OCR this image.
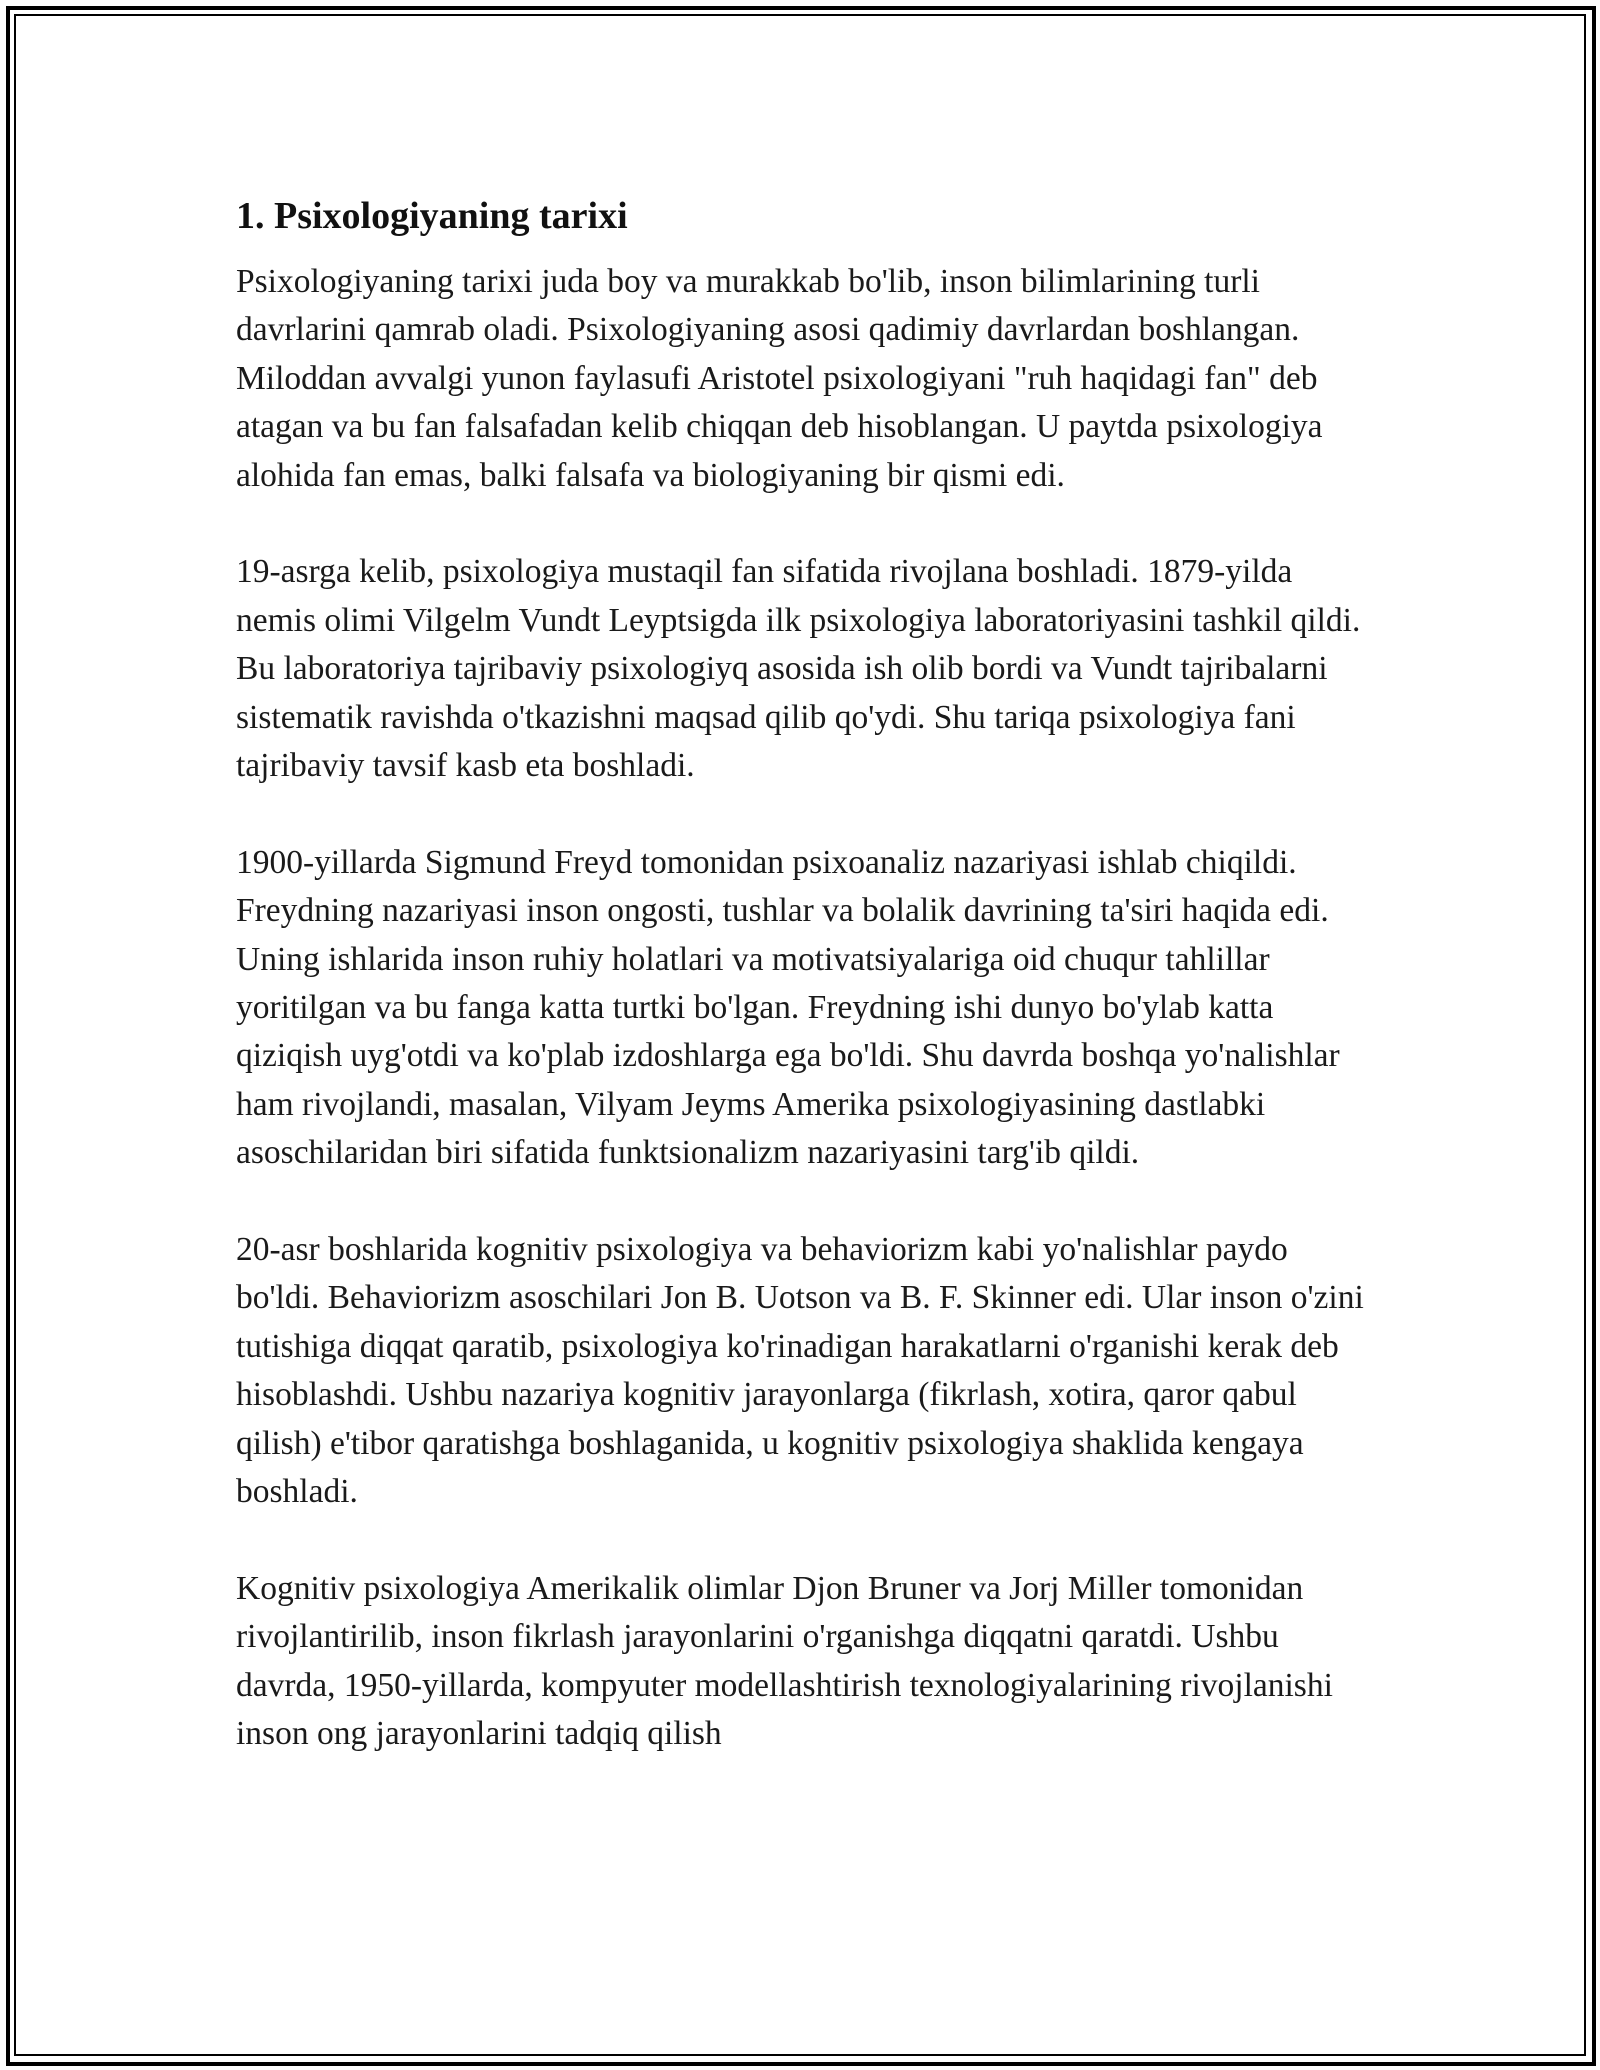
1. Psixologiyaning tarixi

Psixologiyaning tarixi juda boy va murakkab bo'lib, inson bilimlarining turli davrlarini qamrab oladi. Psixologiyaning asosi qadimiy davrlardan boshlangan. Miloddan avvalgi yunon faylasufi Aristotel psixologiyani "ruh haqidagi fan" deb atagan va bu fan falsafadan kelib chiqqan deb hisoblangan. U paytda psixologiya alohida fan emas, balki falsafa va biologiyaning bir qismi edi.

19-asrga kelib, psixologiya mustaqil fan sifatida rivojlana boshladi. 1879-yilda nemis olimi Vilgelm Vundt Leyptsigda ilk psixologiya laboratoriyasini tashkil qildi. Bu laboratoriya tajribaviy psixologiyq asosida ish olib bordi va Vundt tajribalarni sistematik ravishda o'tkazishni maqsad qilib qo'ydi. Shu tariqa psixologiya fani tajribaviy tavsif kasb eta boshladi.

1900-yillarda Sigmund Freyd tomonidan psixoanaliz nazariyasi ishlab chiqildi. Freydning nazariyasi inson ongosti, tushlar va bolalik davrining ta'siri haqida edi. Uning ishlarida inson ruhiy holatlari va motivatsiyalariga oid chuqur tahlillar yoritilgan va bu fanga katta turtki bo'lgan. Freydning ishi dunyo bo'ylab katta qiziqish uyg'otdi va ko'plab izdoshlarga ega bo'ldi. Shu davrda boshqa yo'nalishlar ham rivojlandi, masalan, Vilyam Jeyms Amerika psixologiyasining dastlabki asoschilaridan biri sifatida funktsionalizm nazariyasini targ'ib qildi.

20-asr boshlarida kognitiv psixologiya va behaviorizm kabi yo'nalishlar paydo bo'ldi. Behaviorizm asoschilari Jon B. Uotson va B. F. Skinner edi. Ular inson o'zini tutishiga diqqat qaratib, psixologiya ko'rinadigan harakatlarni o'rganishi kerak deb hisoblashdi. Ushbu nazariya kognitiv jarayonlarga (fikrlash, xotira, qaror qabul qilish) e'tibor qaratishga boshlaganida, u kognitiv psixologiya shaklida kengaya boshladi.

Kognitiv psixologiya Amerikalik olimlar Djon Bruner va Jorj Miller tomonidan rivojlantirilib, inson fikrlash jarayonlarini o'rganishga diqqatni qaratdi. Ushbu davrda, 1950-yillarda, kompyuter modellashtirish texnologiyalarining rivojlanishi inson ong jarayonlarini tadqiq qilish
